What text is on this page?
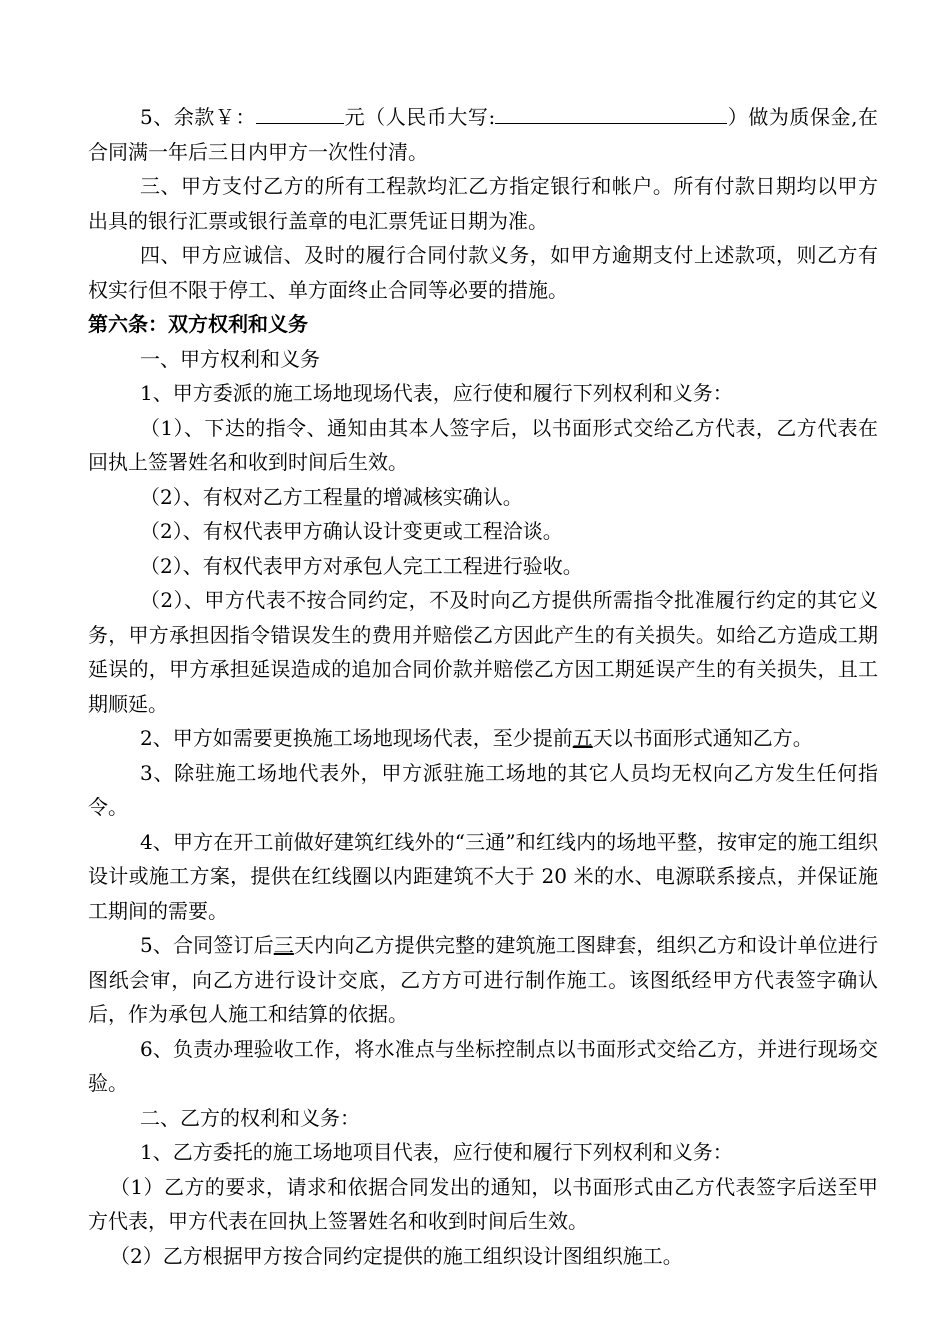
5、余款￥：	元（人民币大写:	）做为质保金,在合同满一年后三日内甲方一次性付清。

三、甲方支付乙方的所有工程款均汇乙方指定银行和帐户。所有付款日期均以甲方出具的银行汇票或银行盖章的电汇票凭证日期为准。

四、甲方应诚信、及时的履行合同付款义务，如甲方逾期支付上述款项，则乙方有权实行但不限于停工、单方面终止合同等必要的措施。

第六条：双方权利和义务

一、甲方权利和义务

1、甲方委派的施工场地现场代表，应行使和履行下列权利和义务：

（1）、下达的指令、通知由其本人签字后，以书面形式交给乙方代表，乙方代表在回执上签署姓名和收到时间后生效。

（2）、有权对乙方工程量的增减核实确认。

（2）、有权代表甲方确认设计变更或工程洽谈。

（2）、有权代表甲方对承包人完工工程进行验收。

（2）、甲方代表不按合同约定，不及时向乙方提供所需指令批准履行约定的其它义务，甲方承担因指令错误发生的费用并赔偿乙方因此产生的有关损失。如给乙方造成工期延误的，甲方承担延误造成的追加合同价款并赔偿乙方因工期延误产生的有关损失，且工期顺延。

2、甲方如需要更换施工场地现场代表，至少提前五天以书面形式通知乙方。

3、除驻施工场地代表外，甲方派驻施工场地的其它人员均无权向乙方发生任何指令。

4、甲方在开工前做好建筑红线外的“三通”和红线内的场地平整，按审定的施工组织设计或施工方案，提供在红线圈以内距建筑不大于 20 米的水、电源联系接点，并保证施工期间的需要。

5、合同签订后三天内向乙方提供完整的建筑施工图肆套，组织乙方和设计单位进行图纸会审，向乙方进行设计交底，乙方方可进行制作施工。该图纸经甲方代表签字确认后，作为承包人施工和结算的依据。

6、负责办理验收工作，将水准点与坐标控制点以书面形式交给乙方，并进行现场交验。

二、乙方的权利和义务：

1、乙方委托的施工场地项目代表，应行使和履行下列权利和义务：

（1）乙方的要求，请求和依据合同发出的通知，以书面形式由乙方代表签字后送至甲方代表，甲方代表在回执上签署姓名和收到时间后生效。

（2）乙方根据甲方按合同约定提供的施工组织设计图组织施工。
